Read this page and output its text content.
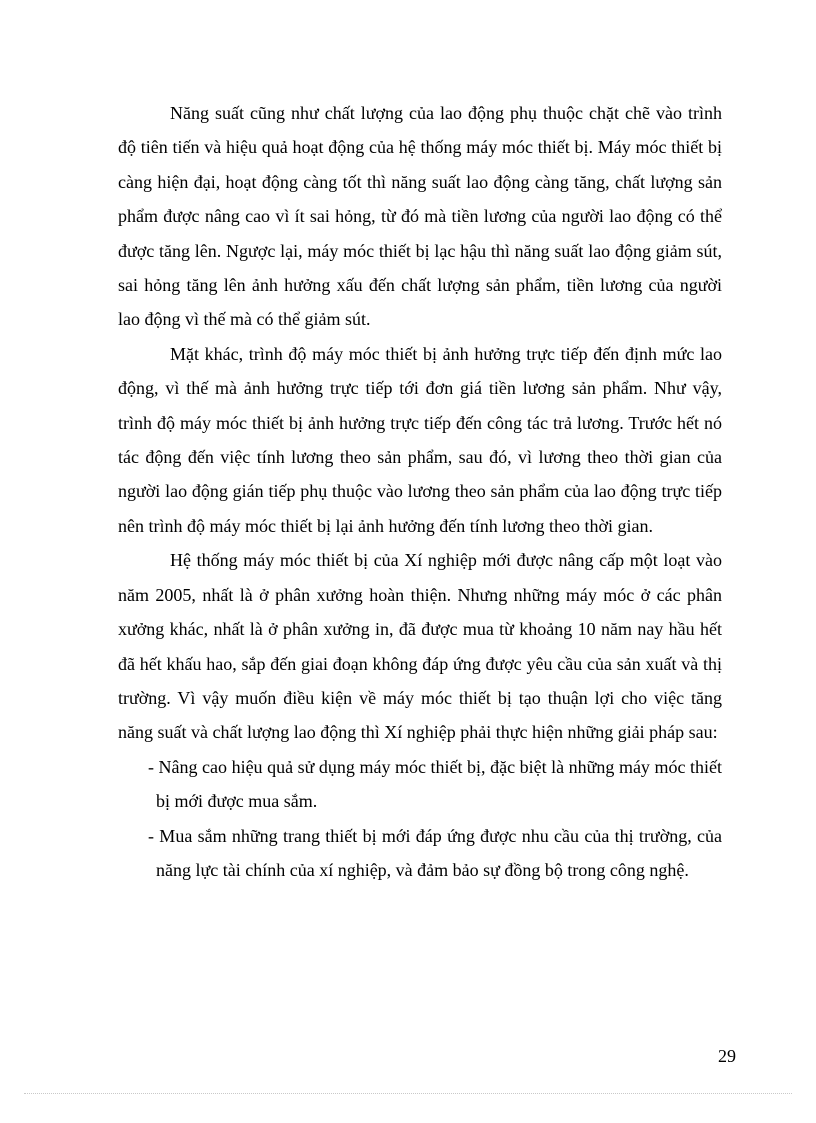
Năng suất cũng như chất lượng của lao động phụ thuộc chặt chẽ vào trình độ tiên tiến và hiệu quả hoạt động của hệ thống máy móc thiết bị. Máy móc thiết bị càng hiện đại, hoạt động càng tốt thì năng suất lao động càng tăng, chất lượng sản phẩm được nâng cao vì ít sai hỏng, từ đó mà tiền lương của người lao động có thể được tăng lên. Ngược lại, máy móc thiết bị lạc hậu thì năng suất lao động giảm sút, sai hỏng tăng lên ảnh hưởng xấu đến chất lượng sản phẩm, tiền lương của người lao động vì thế mà có thể giảm sút.

Mặt khác, trình độ máy móc thiết bị ảnh hưởng trực tiếp đến định mức lao động, vì thế mà ảnh hưởng trực tiếp tới đơn giá tiền lương sản phẩm. Như vậy, trình độ máy móc thiết bị ảnh hưởng trực tiếp đến công tác trả lương. Trước hết nó tác động đến việc tính lương theo sản phẩm, sau đó, vì lương theo thời gian của người lao động gián tiếp phụ thuộc vào lương theo sản phẩm của lao động trực tiếp nên trình độ máy móc thiết bị lại ảnh hưởng đến tính lương theo thời gian.

Hệ thống máy móc thiết bị của Xí nghiệp mới được nâng cấp một loạt vào năm 2005, nhất là ở phân xưởng hoàn thiện. Nhưng những máy móc ở các phân xưởng khác, nhất là ở phân xưởng in, đã được mua từ khoảng 10 năm nay hầu hết đã hết khấu hao, sắp đến giai đoạn không đáp ứng được yêu cầu của sản xuất và thị trường. Vì vậy muốn điều kiện về máy móc thiết bị tạo thuận lợi cho việc tăng năng suất và chất lượng lao động thì Xí nghiệp phải thực hiện những giải pháp sau:

- Nâng cao hiệu quả sử dụng máy móc thiết bị, đặc biệt là những máy móc thiết bị mới được mua sắm.

- Mua sắm những trang thiết bị mới đáp ứng được nhu cầu của thị trường, của năng lực tài chính của xí nghiệp, và đảm bảo sự đồng bộ trong công nghệ.

29
